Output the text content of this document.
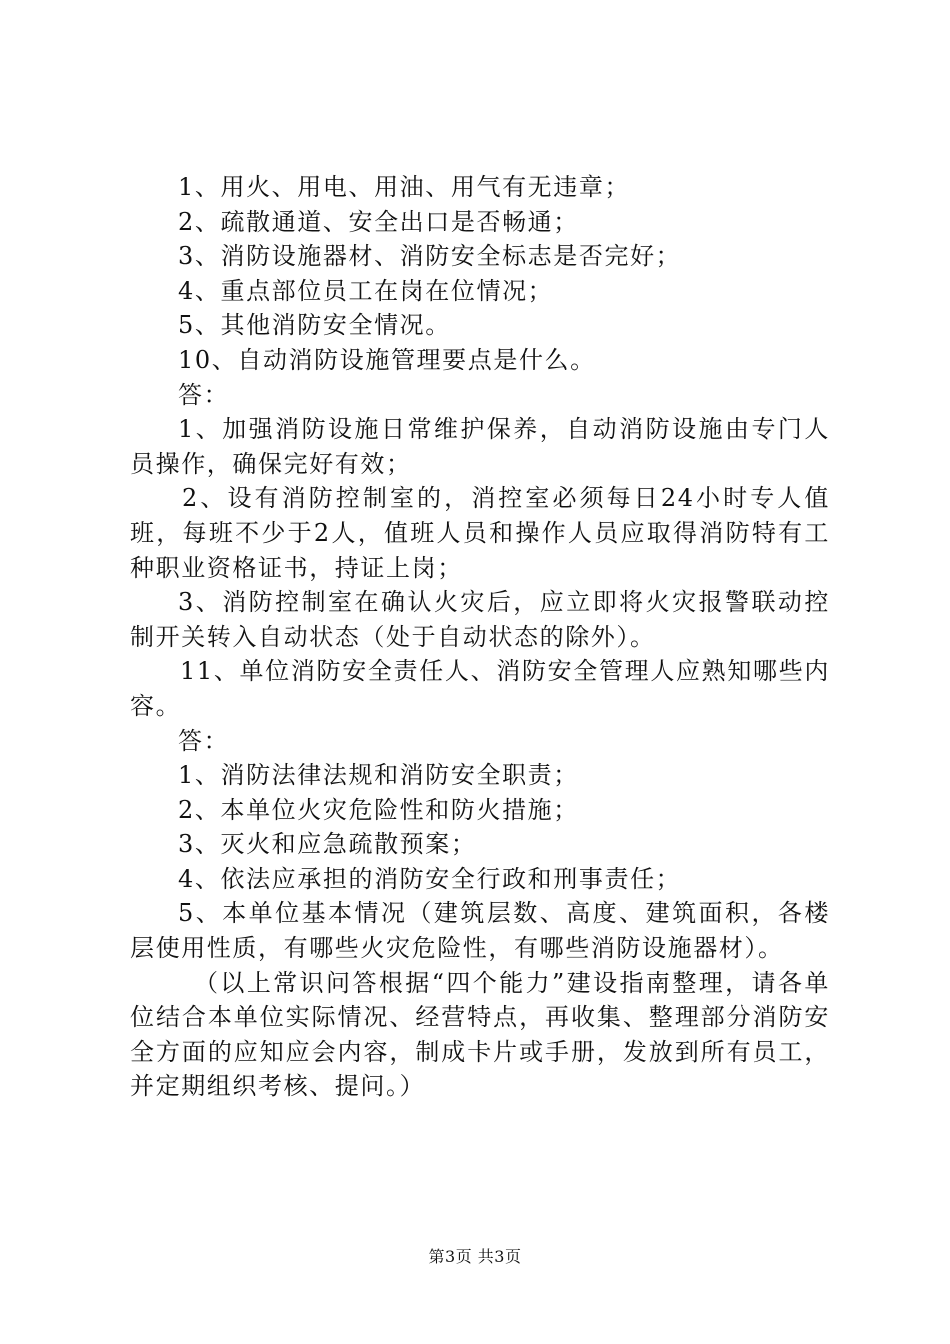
1、用火、用电、用油、用气有无违章；

2、疏散通道、安全出口是否畅通；

3、消防设施器材、消防安全标志是否完好；

4、重点部位员工在岗在位情况；

5、其他消防安全情况。

10、自动消防设施管理要点是什么。

答：

1、加强消防设施日常维护保养，自动消防设施由专门人员操作，确保完好有效；

2、设有消防控制室的，消控室必须每日24小时专人值班，每班不少于2人，值班人员和操作人员应取得消防特有工种职业资格证书，持证上岗；

3、消防控制室在确认火灾后，应立即将火灾报警联动控制开关转入自动状态（处于自动状态的除外）。

11、单位消防安全责任人、消防安全管理人应熟知哪些内容。

答：

1、消防法律法规和消防安全职责；

2、本单位火灾危险性和防火措施；

3、灭火和应急疏散预案；

4、依法应承担的消防安全行政和刑事责任；

5、本单位基本情况（建筑层数、高度、建筑面积，各楼层使用性质，有哪些火灾危险性，有哪些消防设施器材）。

（以上常识问答根据“四个能力”建设指南整理，请各单位结合本单位实际情况、经营特点，再收集、整理部分消防安全方面的应知应会内容，制成卡片或手册，发放到所有员工，并定期组织考核、提问。）

第3页 共3页
